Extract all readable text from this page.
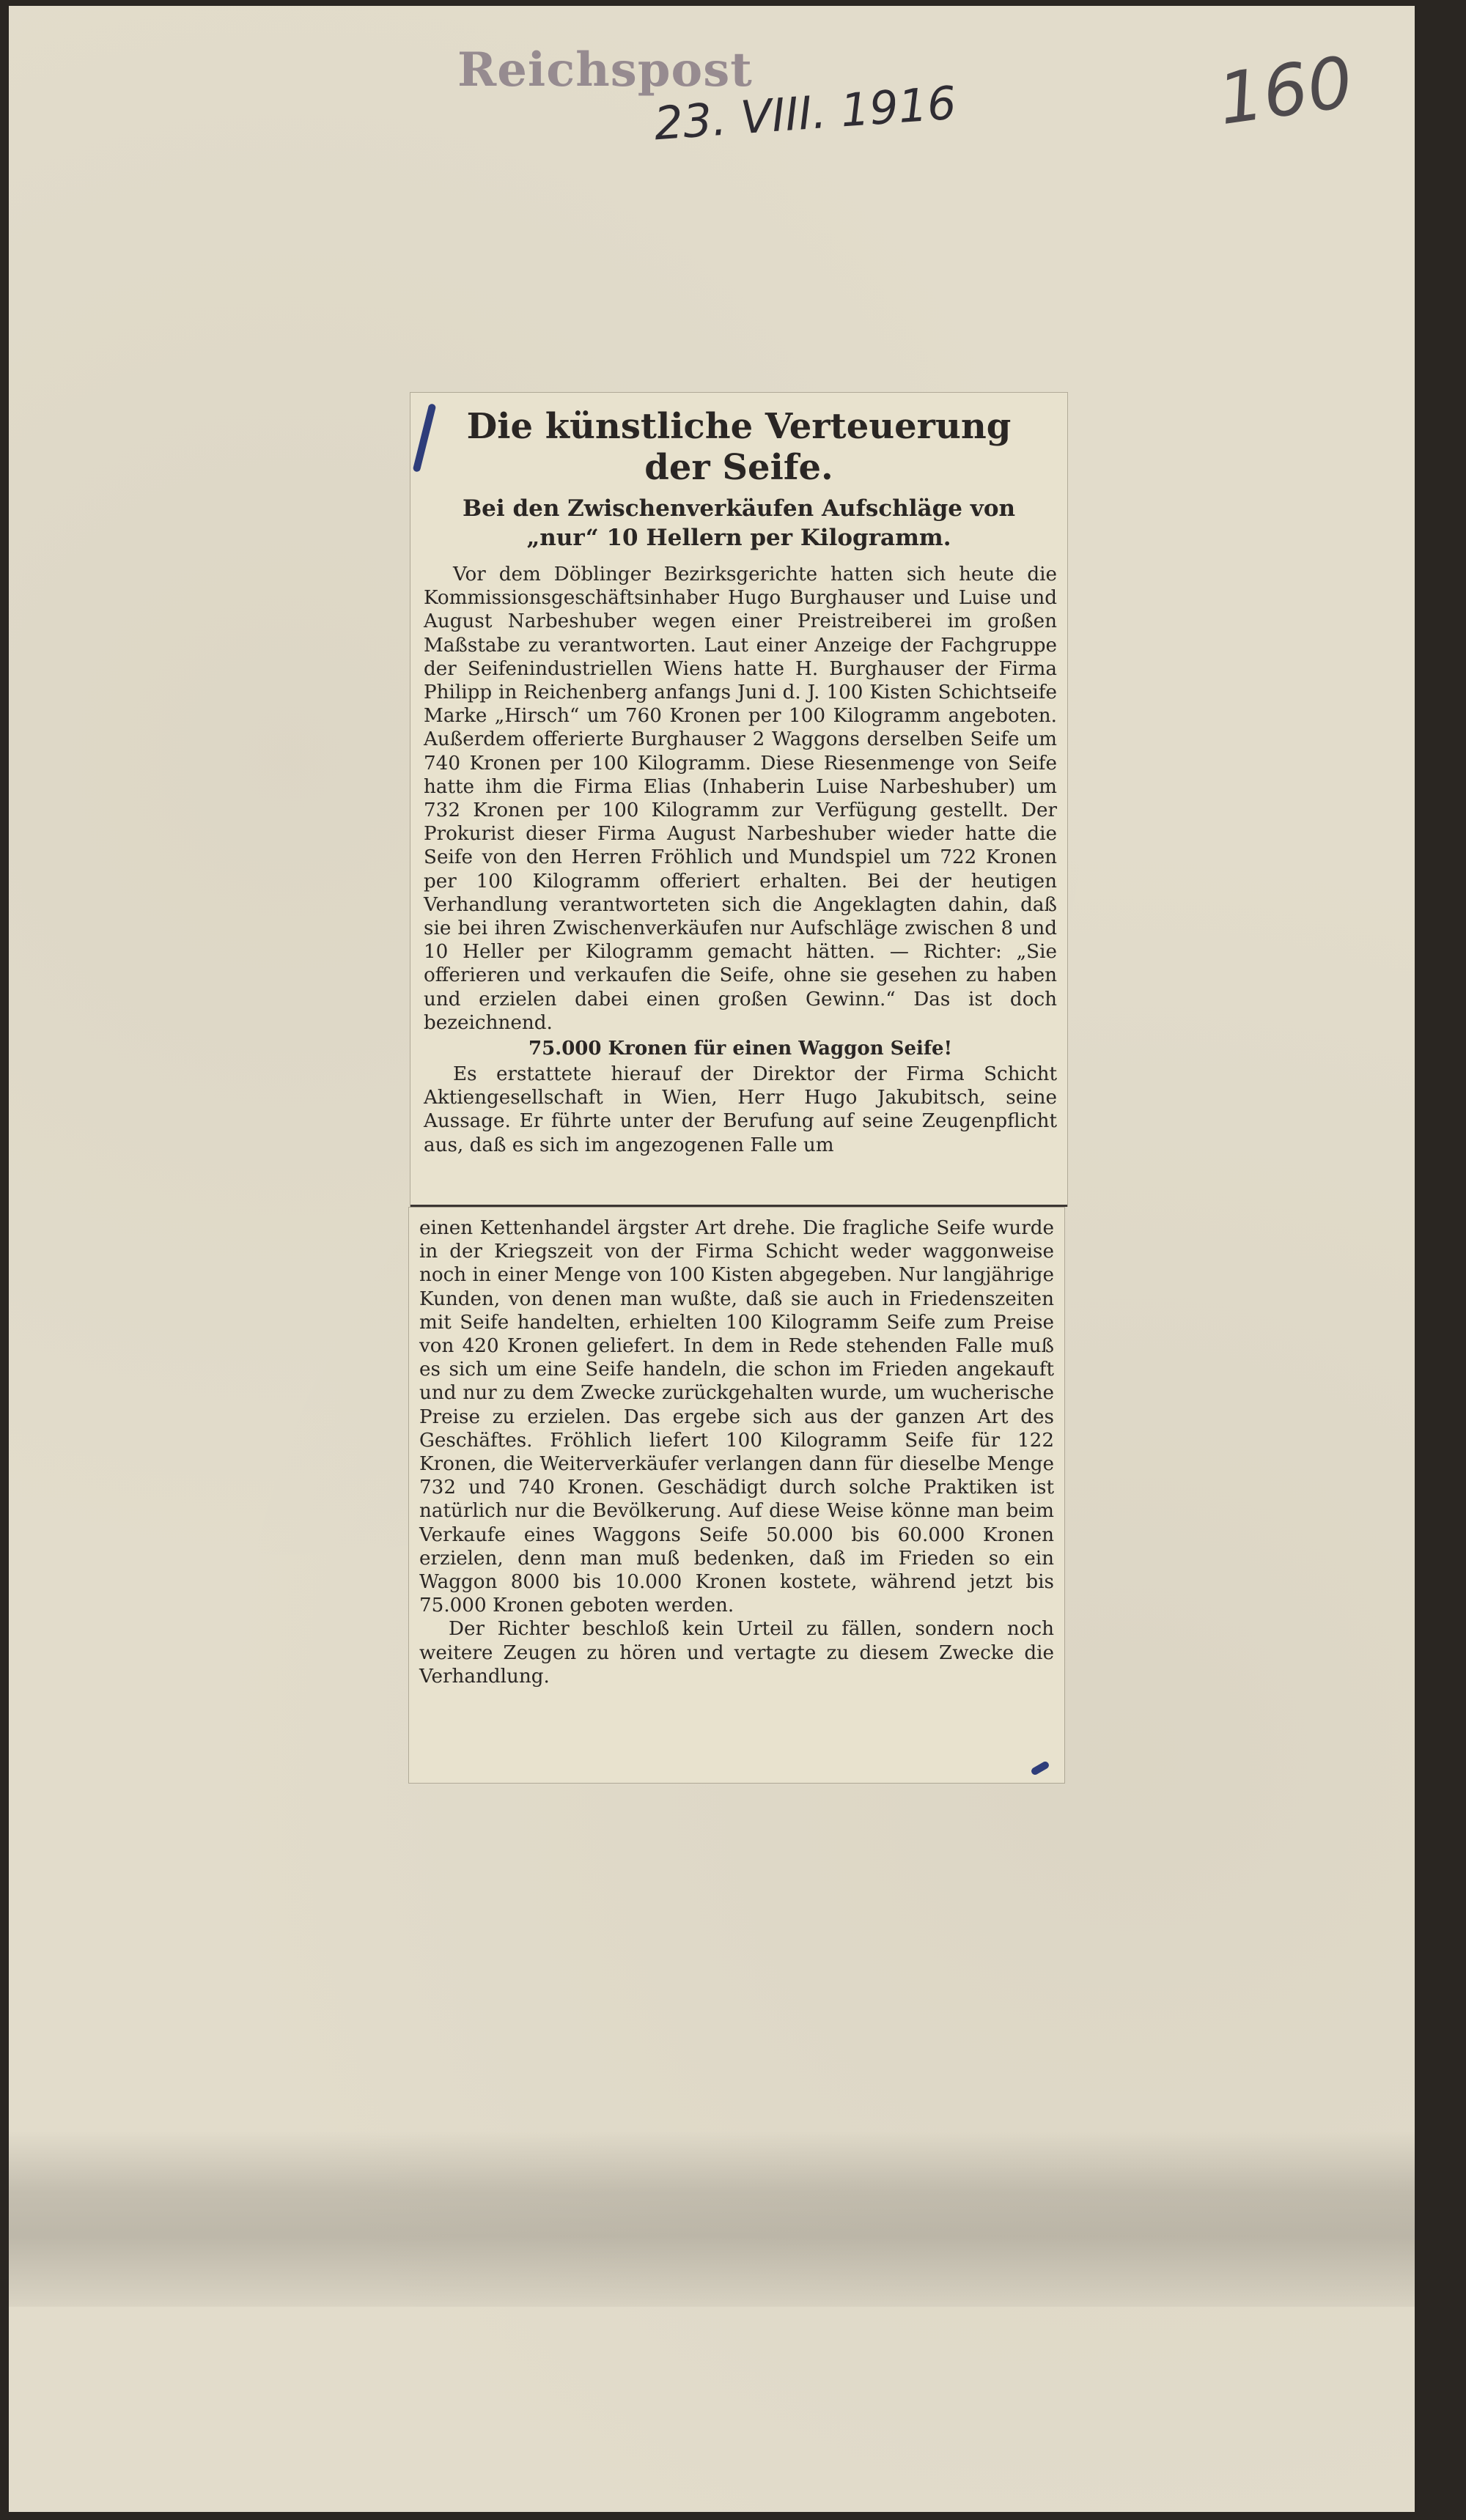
Reichspost
23. VIII. 1916	160
Die künstliche Verteuerung der Seife.
Bei den Zwischenverkäufen Aufschläge von „nur“ 10 Hellern per Kilogramm.

Vor dem Döblinger Bezirksgerichte hatten sich heute die Kommissionsgeschäftsinhaber Hugo Burghauser und Luise und August Narbeshuber wegen einer Preistreiberei im großen Maßstabe zu verantworten. Laut einer Anzeige der Fachgruppe der Seifenindustriellen Wiens hatte H. Burghauser der Firma Philipp in Reichenberg anfangs Juni d. J. 100 Kisten Schichtseife Marke „Hirsch“ um 760 Kronen per 100 Kilogramm angeboten. Außerdem offerierte Burghauser 2 Waggons derselben Seife um 740 Kronen per 100 Kilogramm. Diese Riesenmenge von Seife hatte ihm die Firma Elias (Inhaberin Luise Narbeshuber) um 732 Kronen per 100 Kilogramm zur Verfügung gestellt. Der Prokurist dieser Firma August Narbeshuber wieder hatte die Seife von den Herren Fröhlich und Mundspiel um 722 Kronen per 100 Kilogramm offeriert erhalten. Bei der heutigen Verhandlung verantworteten sich die Angeklagten dahin, daß sie bei ihren Zwischenverkäufen nur Aufschläge zwischen 8 und 10 Heller per Kilogramm gemacht hätten. — Richter: „Sie offerieren und verkaufen die Seife, ohne sie gesehen zu haben und erzielen dabei einen großen Gewinn.“ Das ist doch bezeichnend.

75.000 Kronen für einen Waggon Seife!

Es erstattete hierauf der Direktor der Firma Schicht Aktiengesellschaft in Wien, Herr Hugo Jakubitsch, seine Aussage. Er führte unter der Berufung auf seine Zeugenpflicht aus, daß es sich im angezogenen Falle um

einen Kettenhandel ärgster Art drehe. Die fragliche Seife wurde in der Kriegszeit von der Firma Schicht weder waggonweise noch in einer Menge von 100 Kisten abgegeben. Nur langjährige Kunden, von denen man wußte, daß sie auch in Friedenszeiten mit Seife handelten, erhielten 100 Kilogramm Seife zum Preise von 420 Kronen geliefert. In dem in Rede stehenden Falle muß es sich um eine Seife handeln, die schon im Frieden angekauft und nur zu dem Zwecke zurückgehalten wurde, um wucherische Preise zu erzielen. Das ergebe sich aus der ganzen Art des Geschäftes. Fröhlich liefert 100 Kilogramm Seife für 122 Kronen, die Weiterverkäufer verlangen dann für dieselbe Menge 732 und 740 Kronen. Geschädigt durch solche Praktiken ist natürlich nur die Bevölkerung. Auf diese Weise könne man beim Verkaufe eines Waggons Seife 50.000 bis 60.000 Kronen erzielen, denn man muß bedenken, daß im Frieden so ein Waggon 8000 bis 10.000 Kronen kostete, während jetzt bis 75.000 Kronen geboten werden.

Der Richter beschloß kein Urteil zu fällen, sondern noch weitere Zeugen zu hören und vertagte zu diesem Zwecke die Verhandlung.
